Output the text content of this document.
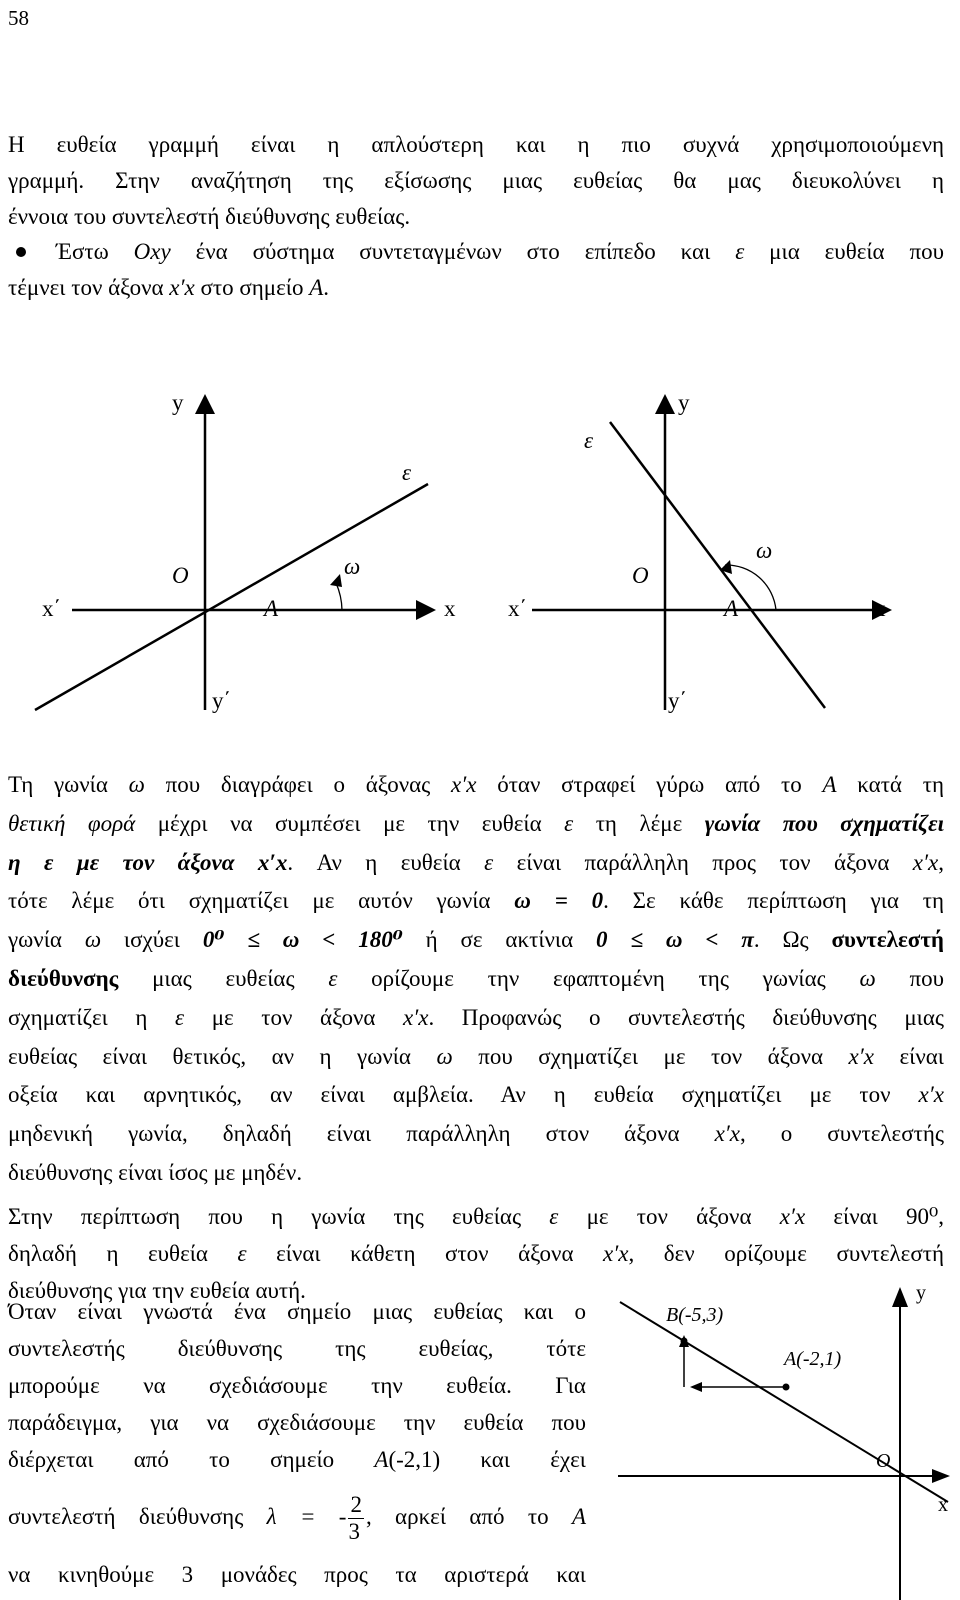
58
Η ευθεία γραμμή είναι η απλούστερη και η πιο συχνά χρησιμοποιούμενη
γραμμή. Στην αναζήτηση της εξίσωσης μιας ευθείας θα μας διευκολύνει η
έννοια του συντελεστή διεύθυνσης ευθείας.
Έστω Oxy ένα σύστημα συντεταγμένων στο επίπεδο και ε μια ευθεία που
τέμνει τον άξονα x′x στο σημείο A.
y
ε
ω
O
x΄	A	x
y΄
y
ε
ω
O
x΄	A	x
y΄
Τη γωνία ω που διαγράφει ο άξονας x′x όταν στραφεί γύρω από το A κατά τη
θετική φορά μέχρι να συμπέσει με την ευθεία ε τη λέμε γωνία που σχηματίζει
η ε με τον άξονα x′x. Αν η ευθεία ε είναι παράλληλη προς τον άξονα x′x,
τότε λέμε ότι σχηματίζει με αυτόν γωνία ω = 0. Σε κάθε περίπτωση για τη
γωνία ω ισχύει 0⁰ ≤ ω < 180⁰ ή σε ακτίνια 0 ≤ ω < π. Ως συντελεστή
διεύθυνσης μιας ευθείας ε ορίζουμε την εφαπτομένη της γωνίας ω που
σχηματίζει η ε με τον άξονα x′x. Προφανώς ο συντελεστής διεύθυνσης μιας
ευθείας είναι θετικός, αν η γωνία ω που σχηματίζει με τον άξονα x′x είναι
οξεία και αρνητικός, αν είναι αμβλεία. Αν η ευθεία σχηματίζει με τον x′x
μηδενική γωνία, δηλαδή είναι παράλληλη στον άξονα x′x, ο συντελεστής
διεύθυνσης είναι ίσος με μηδέν.
Στην περίπτωση που η γωνία της ευθείας ε με τον άξονα x′x είναι 90⁰,
δηλαδή η ευθεία ε είναι κάθετη στον άξονα x′x, δεν ορίζουμε συντελεστή
διεύθυνσης για την ευθεία αυτή.
Όταν είναι γνωστά ένα σημείο μιας ευθείας και ο
συντελεστής διεύθυνσης της ευθείας, τότε
μπορούμε να σχεδιάσουμε την ευθεία. Για
παράδειγμα, για να σχεδιάσουμε την ευθεία που
διέρχεται από το σημείο A(-2,1) και έχει
συντελεστή διεύθυνσης λ = - $\frac{2}{3}$ , αρκεί από το A
να κινηθούμε 3 μονάδες προς τα αριστερά και
B(-5,3)
A(-2,1)
O
x
y
